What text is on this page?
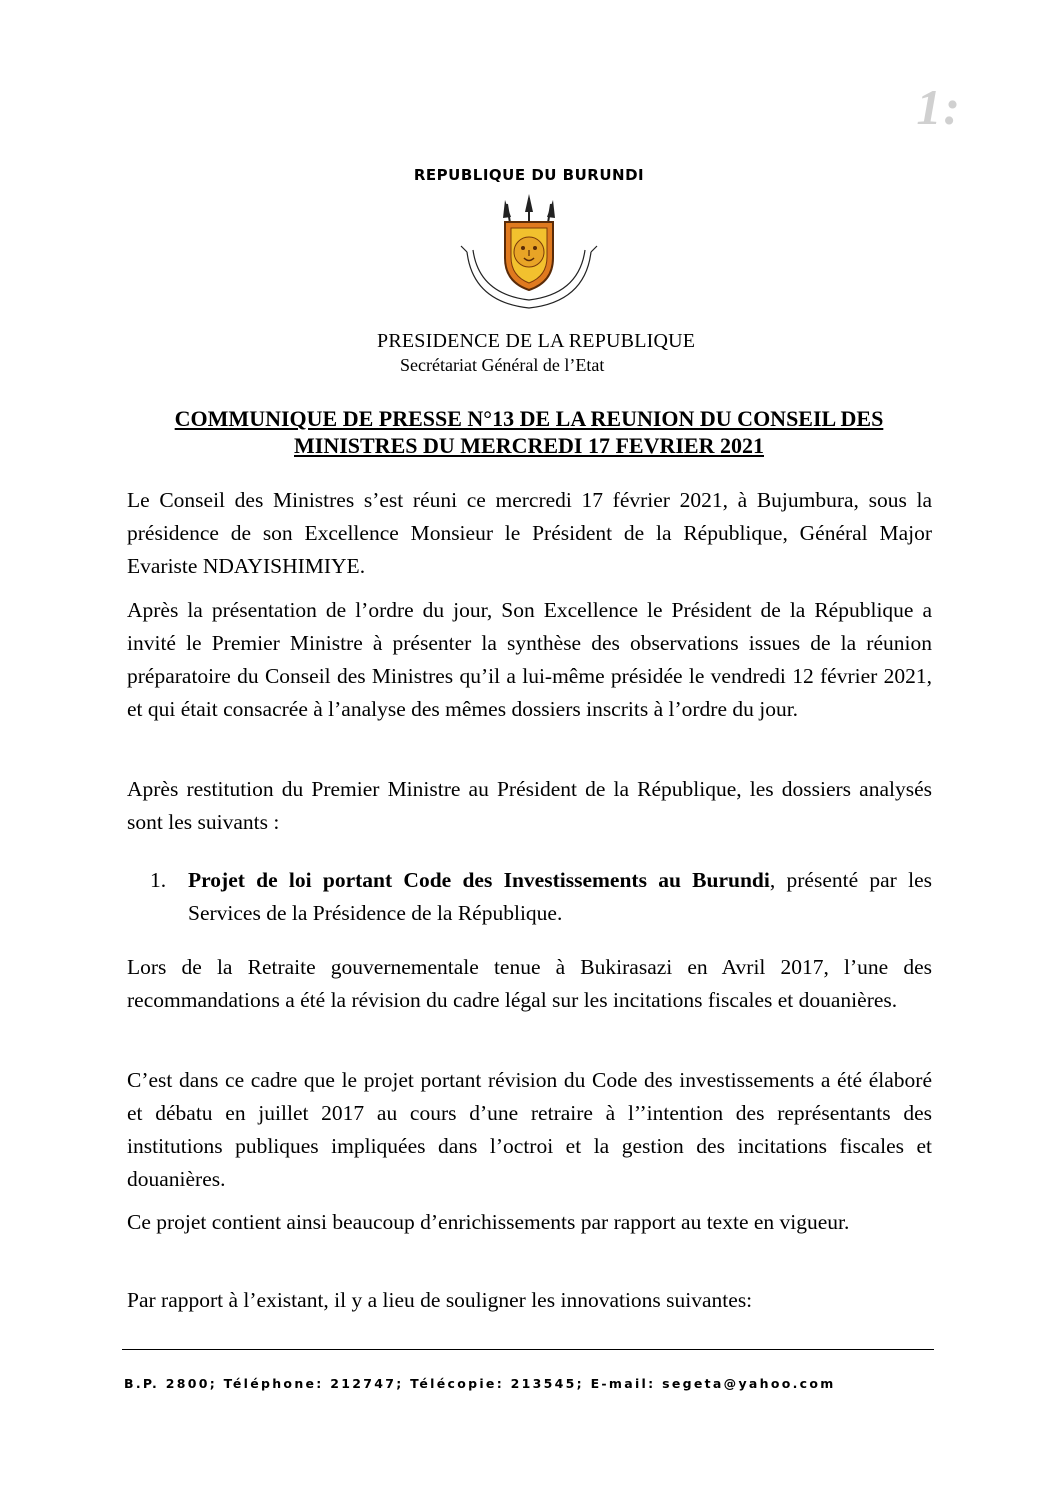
1:
REPUBLIQUE DU BURUNDI
PRESIDENCE DE LA REPUBLIQUE
Secrétariat Général de l’Etat
COMMUNIQUE DE PRESSE N°13 DE LA REUNION DU CONSEIL DES
MINISTRES DU MERCREDI 17 FEVRIER 2021

Le Conseil des Ministres s’est réuni ce mercredi 17 février 2021, à Bujumbura, sous la présidence de son Excellence Monsieur le Président de la République, Général Major Evariste NDAYISHIMIYE.

Après la présentation de l’ordre du jour, Son Excellence le Président de la République a invité le Premier Ministre à présenter la synthèse des observations issues de la réunion préparatoire du Conseil des Ministres qu’il a lui-même présidée le vendredi 12 février 2021, et qui était consacrée à l’analyse des mêmes dossiers inscrits à l’ordre du jour.

Après restitution du Premier Ministre au Président de la République, les dossiers analysés sont les suivants :

1.	Projet de loi portant Code des Investissements au Burundi, présenté par les Services de la Présidence de la République.

Lors de la Retraite gouvernementale tenue à Bukirasazi en Avril 2017, l’une des recommandations a été la révision du cadre légal sur les incitations fiscales et douanières.

C’est dans ce cadre que le projet portant révision du Code des investissements a été élaboré et débatu en juillet 2017 au cours d’une retraire à l’’intention des représentants des institutions publiques impliquées dans l’octroi et la gestion des incitations fiscales et douanières.

Ce projet contient ainsi beaucoup d’enrichissements par rapport au texte en vigueur.

Par rapport à l’existant, il y a lieu de souligner les innovations suivantes:

B.P. 2800; Téléphone: 212747; Télécopie: 213545; E-mail: segeta@yahoo.com
